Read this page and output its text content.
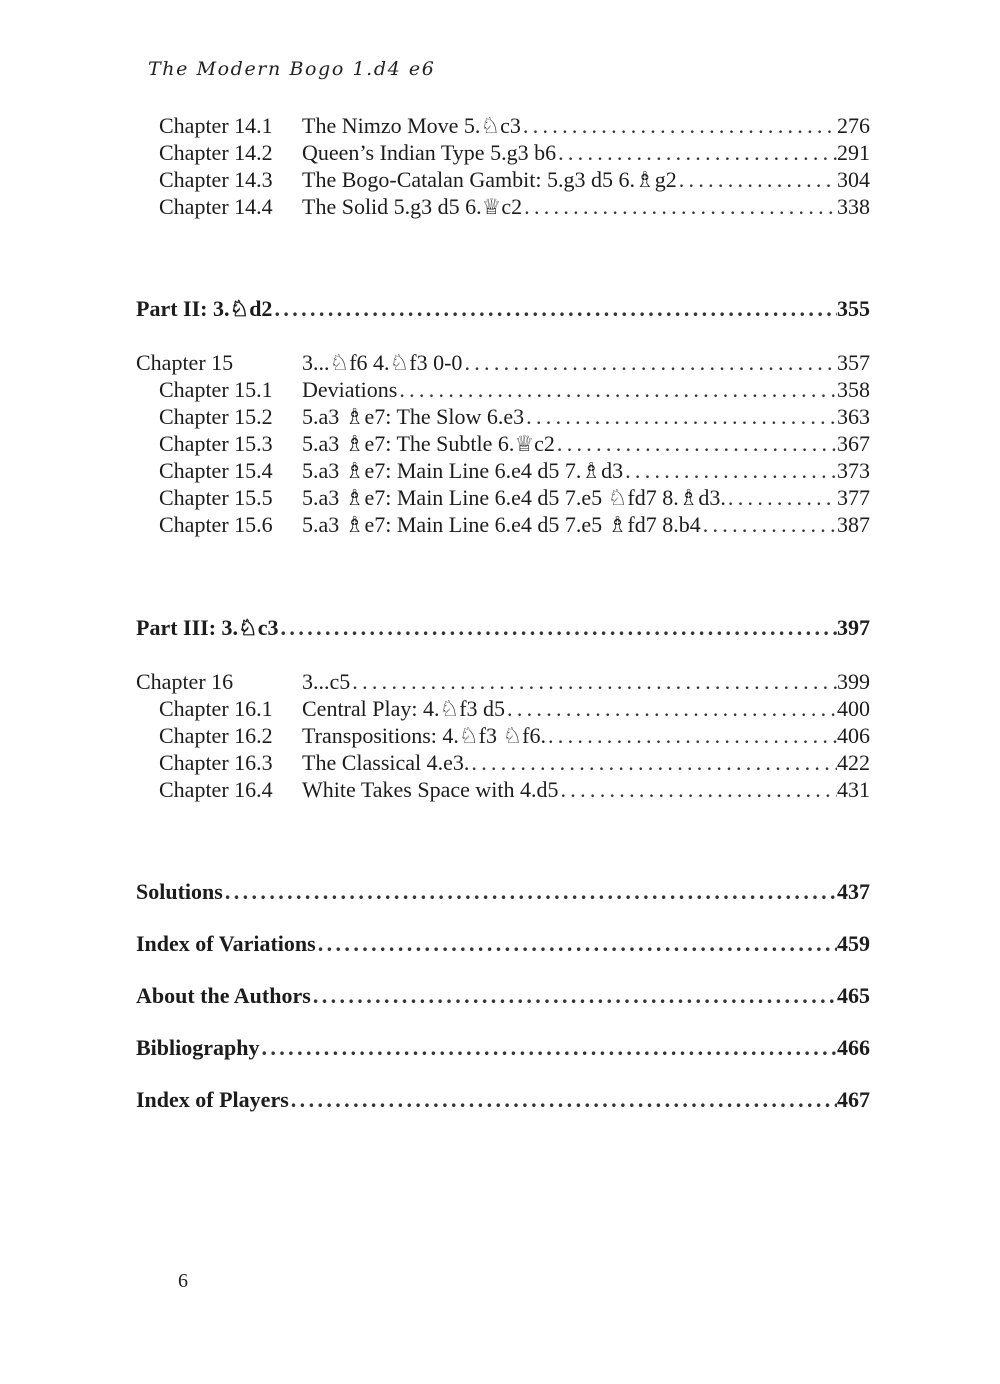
The Modern Bogo 1.d4 e6
Chapter 14.1	The Nimzo Move 5.♘c3 . . .	276
Chapter 14.2	Queen’s Indian Type 5.g3 b6 . . .	291
Chapter 14.3	The Bogo-Catalan Gambit: 5.g3 d5 6.♗g2 . . .	304
Chapter 14.4	The Solid 5.g3 d5 6.♕c2 . . .	338
Part II: 3.♘d2 .....	355
Chapter 15	3...♘f6 4.♘f3 0-0 . . .	357
Chapter 15.1	Deviations . . .	358
Chapter 15.2	5.a3 ♗e7: The Slow 6.e3 . . .	363
Chapter 15.3	5.a3 ♗e7: The Subtle 6.♕c2 . . .	367
Chapter 15.4	5.a3 ♗e7: Main Line 6.e4 d5 7.♗d3 . . .	373
Chapter 15.5	5.a3 ♗e7: Main Line 6.e4 d5 7.e5 ♘fd7 8.♗d3. . . .	377
Chapter 15.6	5.a3 ♗e7: Main Line 6.e4 d5 7.e5 ♗fd7 8.b4 . . .	387
Part III: 3.♘c3 .....	397
Chapter 16	3...c5 . . .	399
Chapter 16.1	Central Play: 4.♘f3 d5 . . .	400
Chapter 16.2	Transpositions: 4.♘f3 ♘f6. . . .	406
Chapter 16.3	The Classical 4.e3. . . .	422
Chapter 16.4	White Takes Space with 4.d5 . . .	431
Solutions .....	437
Index of Variations .....	459
About the Authors .....	465
Bibliography .....	466
Index of Players .....	467
6
